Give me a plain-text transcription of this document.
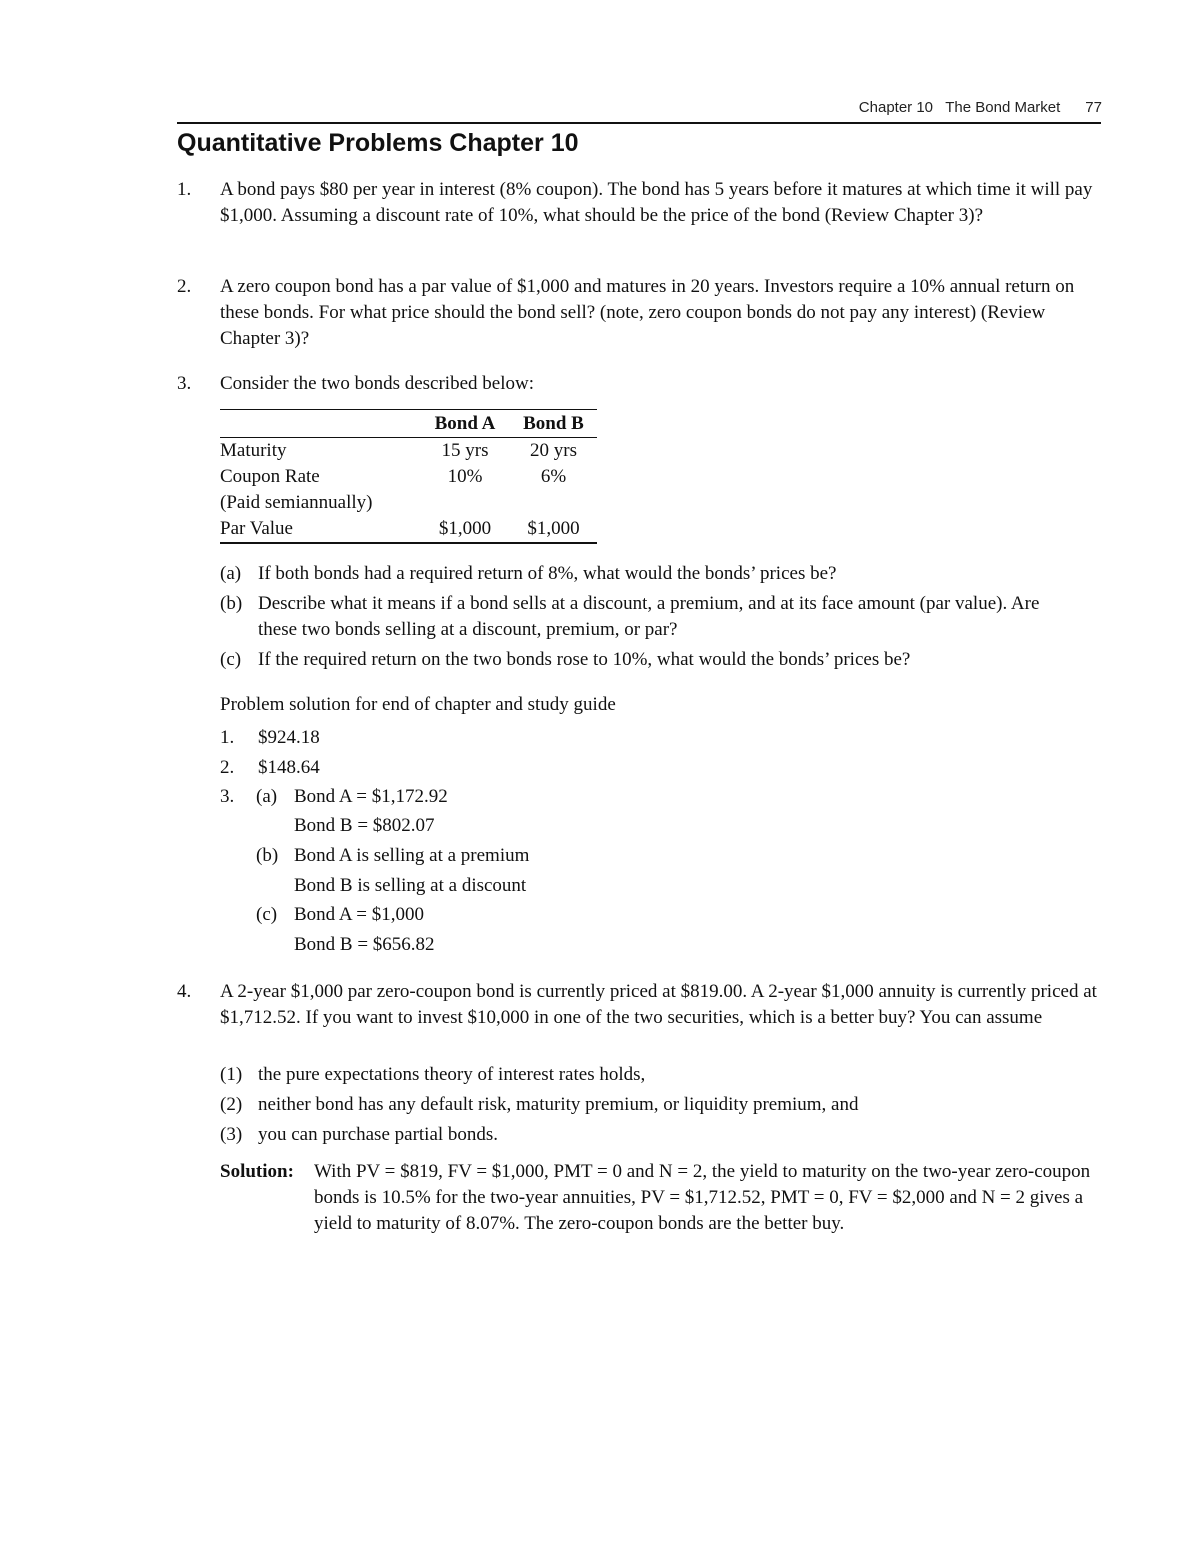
Chapter 10   The Bond Market      77
Quantitative Problems Chapter 10
1. A bond pays $80 per year in interest (8% coupon). The bond has 5 years before it matures at which time it will pay $1,000. Assuming a discount rate of 10%, what should be the price of the bond (Review Chapter 3)?
2. A zero coupon bond has a par value of $1,000 and matures in 20 years. Investors require a 10% annual return on these bonds. For what price should the bond sell? (note, zero coupon bonds do not pay any interest) (Review Chapter 3)?
3. Consider the two bonds described below:
	Bond A	Bond B
Maturity	15 yrs	20 yrs
Coupon Rate	10%	6%
(Paid semiannually)		
Par Value	$1,000	$1,000
(a) If both bonds had a required return of 8%, what would the bonds’ prices be?
(b) Describe what it means if a bond sells at a discount, a premium, and at its face amount (par value). Are these two bonds selling at a discount, premium, or par?
(c) If the required return on the two bonds rose to 10%, what would the bonds’ prices be?
Problem solution for end of chapter and study guide
1. $924.18
2. $148.64
3. (a) Bond A = $1,172.92
Bond B = $802.07
(b) Bond A is selling at a premium
Bond B is selling at a discount
(c) Bond A = $1,000
Bond B = $656.82
4. A 2-year $1,000 par zero-coupon bond is currently priced at $819.00. A 2-year $1,000 annuity is currently priced at $1,712.52. If you want to invest $10,000 in one of the two securities, which is a better buy? You can assume
(1) the pure expectations theory of interest rates holds,
(2) neither bond has any default risk, maturity premium, or liquidity premium, and
(3) you can purchase partial bonds.
Solution: With PV = $819, FV = $1,000, PMT = 0 and N = 2, the yield to maturity on the two-year zero-coupon bonds is 10.5% for the two-year annuities, PV = $1,712.52, PMT = 0, FV = $2,000 and N = 2 gives a yield to maturity of 8.07%. The zero-coupon bonds are the better buy.
